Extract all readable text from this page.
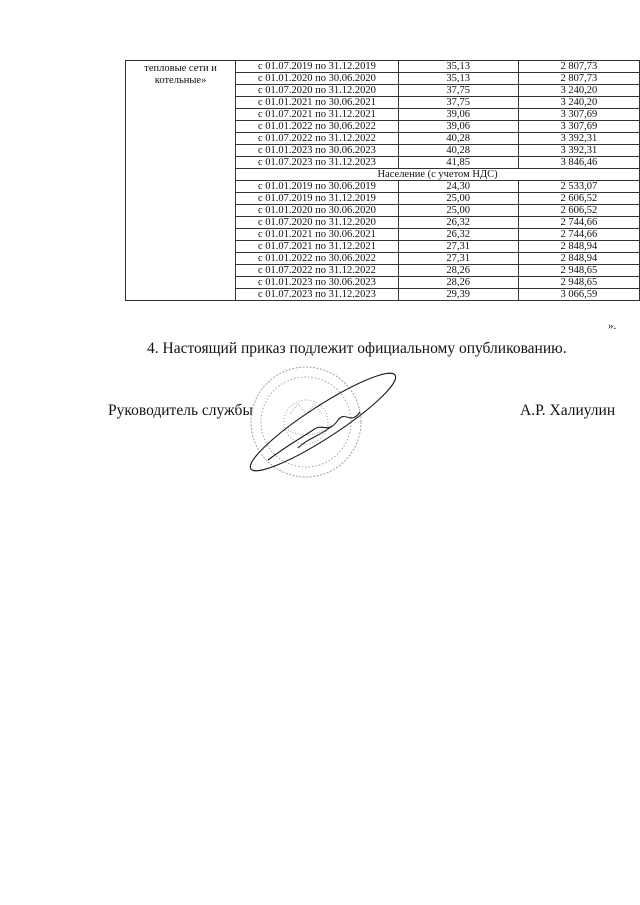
тепловые сети и котельные»	с 01.07.2019 по 31.12.2019	35,13	2 807,73
	с 01.01.2020 по 30.06.2020	35,13	2 807,73
	с 01.07.2020 по 31.12.2020	37,75	3 240,20
	с 01.01.2021 по 30.06.2021	37,75	3 240,20
	с 01.07.2021 по 31.12.2021	39,06	3 307,69
	с 01.01.2022 по 30.06.2022	39,06	3 307,69
	с 01.07.2022 по 31.12.2022	40,28	3 392,31
	с 01.01.2023 по 30.06.2023	40,28	3 392,31
	с 01.07.2023 по 31.12.2023	41,85	3 846,46
	Население (с учетом НДС)		
	с 01.01.2019 по 30.06.2019	24,30	2 533,07
	с 01.07.2019 по 31.12.2019	25,00	2 606,52
	с 01.01.2020 по 30.06.2020	25,00	2 606,52
	с 01.07.2020 по 31.12.2020	26,32	2 744,66
	с 01.01.2021 по 30.06.2021	26,32	2 744,66
	с 01.07.2021 по 31.12.2021	27,31	2 848,94
	с 01.01.2022 по 30.06.2022	27,31	2 848,94
	с 01.07.2022 по 31.12.2022	28,26	2 948,65
	с 01.01.2023 по 30.06.2023	28,26	2 948,65
	с 01.07.2023 по 31.12.2023	29,39	3 066,59
».
4. Настоящий приказ подлежит официальному опубликованию.
Руководитель службы	А.Р. Халиулин
